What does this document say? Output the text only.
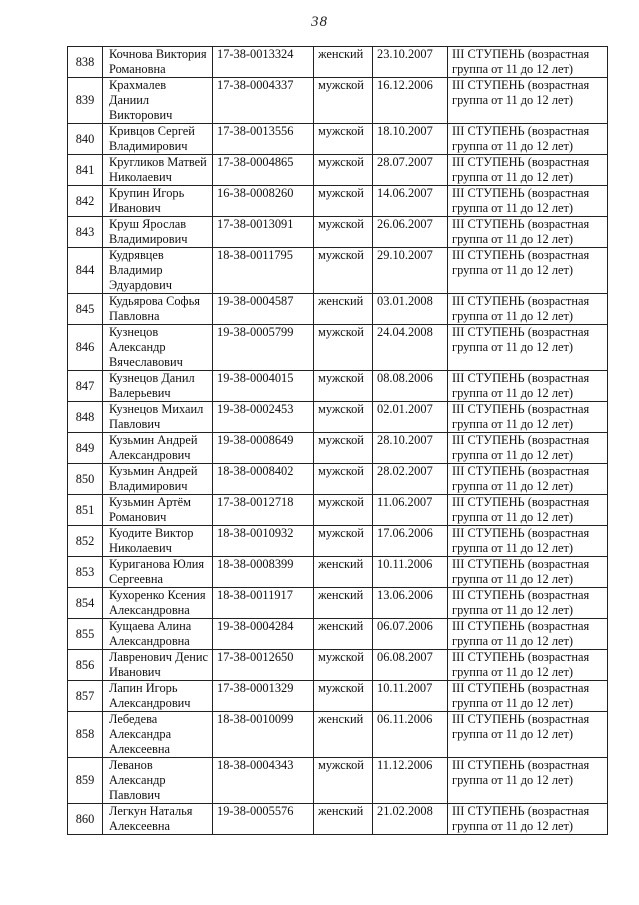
38
838	Кочнова Виктория Романовна	17-38-0013324	женский	23.10.2007	III СТУПЕНЬ (возрастная группа от 11 до 12 лет)
839	Крахмалев Даниил Викторович	17-38-0004337	мужской	16.12.2006	III СТУПЕНЬ (возрастная группа от 11 до 12 лет)
840	Кривцов Сергей Владимирович	17-38-0013556	мужской	18.10.2007	III СТУПЕНЬ (возрастная группа от 11 до 12 лет)
841	Кругликов Матвей Николаевич	17-38-0004865	мужской	28.07.2007	III СТУПЕНЬ (возрастная группа от 11 до 12 лет)
842	Крупин Игорь Иванович	16-38-0008260	мужской	14.06.2007	III СТУПЕНЬ (возрастная группа от 11 до 12 лет)
843	Круш Ярослав Владимирович	17-38-0013091	мужской	26.06.2007	III СТУПЕНЬ (возрастная группа от 11 до 12 лет)
844	Кудрявцев Владимир Эдуардович	18-38-0011795	мужской	29.10.2007	III СТУПЕНЬ (возрастная группа от 11 до 12 лет)
845	Кудьярова Софья Павловна	19-38-0004587	женский	03.01.2008	III СТУПЕНЬ (возрастная группа от 11 до 12 лет)
846	Кузнецов Александр Вячеславович	19-38-0005799	мужской	24.04.2008	III СТУПЕНЬ (возрастная группа от 11 до 12 лет)
847	Кузнецов Данил Валерьевич	19-38-0004015	мужской	08.08.2006	III СТУПЕНЬ (возрастная группа от 11 до 12 лет)
848	Кузнецов Михаил Павлович	19-38-0002453	мужской	02.01.2007	III СТУПЕНЬ (возрастная группа от 11 до 12 лет)
849	Кузьмин Андрей Александрович	19-38-0008649	мужской	28.10.2007	III СТУПЕНЬ (возрастная группа от 11 до 12 лет)
850	Кузьмин Андрей Владимирович	18-38-0008402	мужской	28.02.2007	III СТУПЕНЬ (возрастная группа от 11 до 12 лет)
851	Кузьмин Артём Романович	17-38-0012718	мужской	11.06.2007	III СТУПЕНЬ (возрастная группа от 11 до 12 лет)
852	Куодите Виктор Николаевич	18-38-0010932	мужской	17.06.2006	III СТУПЕНЬ (возрастная группа от 11 до 12 лет)
853	Куриганова Юлия Сергеевна	18-38-0008399	женский	10.11.2006	III СТУПЕНЬ (возрастная группа от 11 до 12 лет)
854	Кухоренко Ксения Александровна	18-38-0011917	женский	13.06.2006	III СТУПЕНЬ (возрастная группа от 11 до 12 лет)
855	Кущаева Алина Александровна	19-38-0004284	женский	06.07.2006	III СТУПЕНЬ (возрастная группа от 11 до 12 лет)
856	Лавренович Денис Иванович	17-38-0012650	мужской	06.08.2007	III СТУПЕНЬ (возрастная группа от 11 до 12 лет)
857	Лапин Игорь Александрович	17-38-0001329	мужской	10.11.2007	III СТУПЕНЬ (возрастная группа от 11 до 12 лет)
858	Лебедева Александра Алексеевна	18-38-0010099	женский	06.11.2006	III СТУПЕНЬ (возрастная группа от 11 до 12 лет)
859	Леванов Александр Павлович	18-38-0004343	мужской	11.12.2006	III СТУПЕНЬ (возрастная группа от 11 до 12 лет)
860	Легкун Наталья Алексеевна	19-38-0005576	женский	21.02.2008	III СТУПЕНЬ (возрастная группа от 11 до 12 лет)
